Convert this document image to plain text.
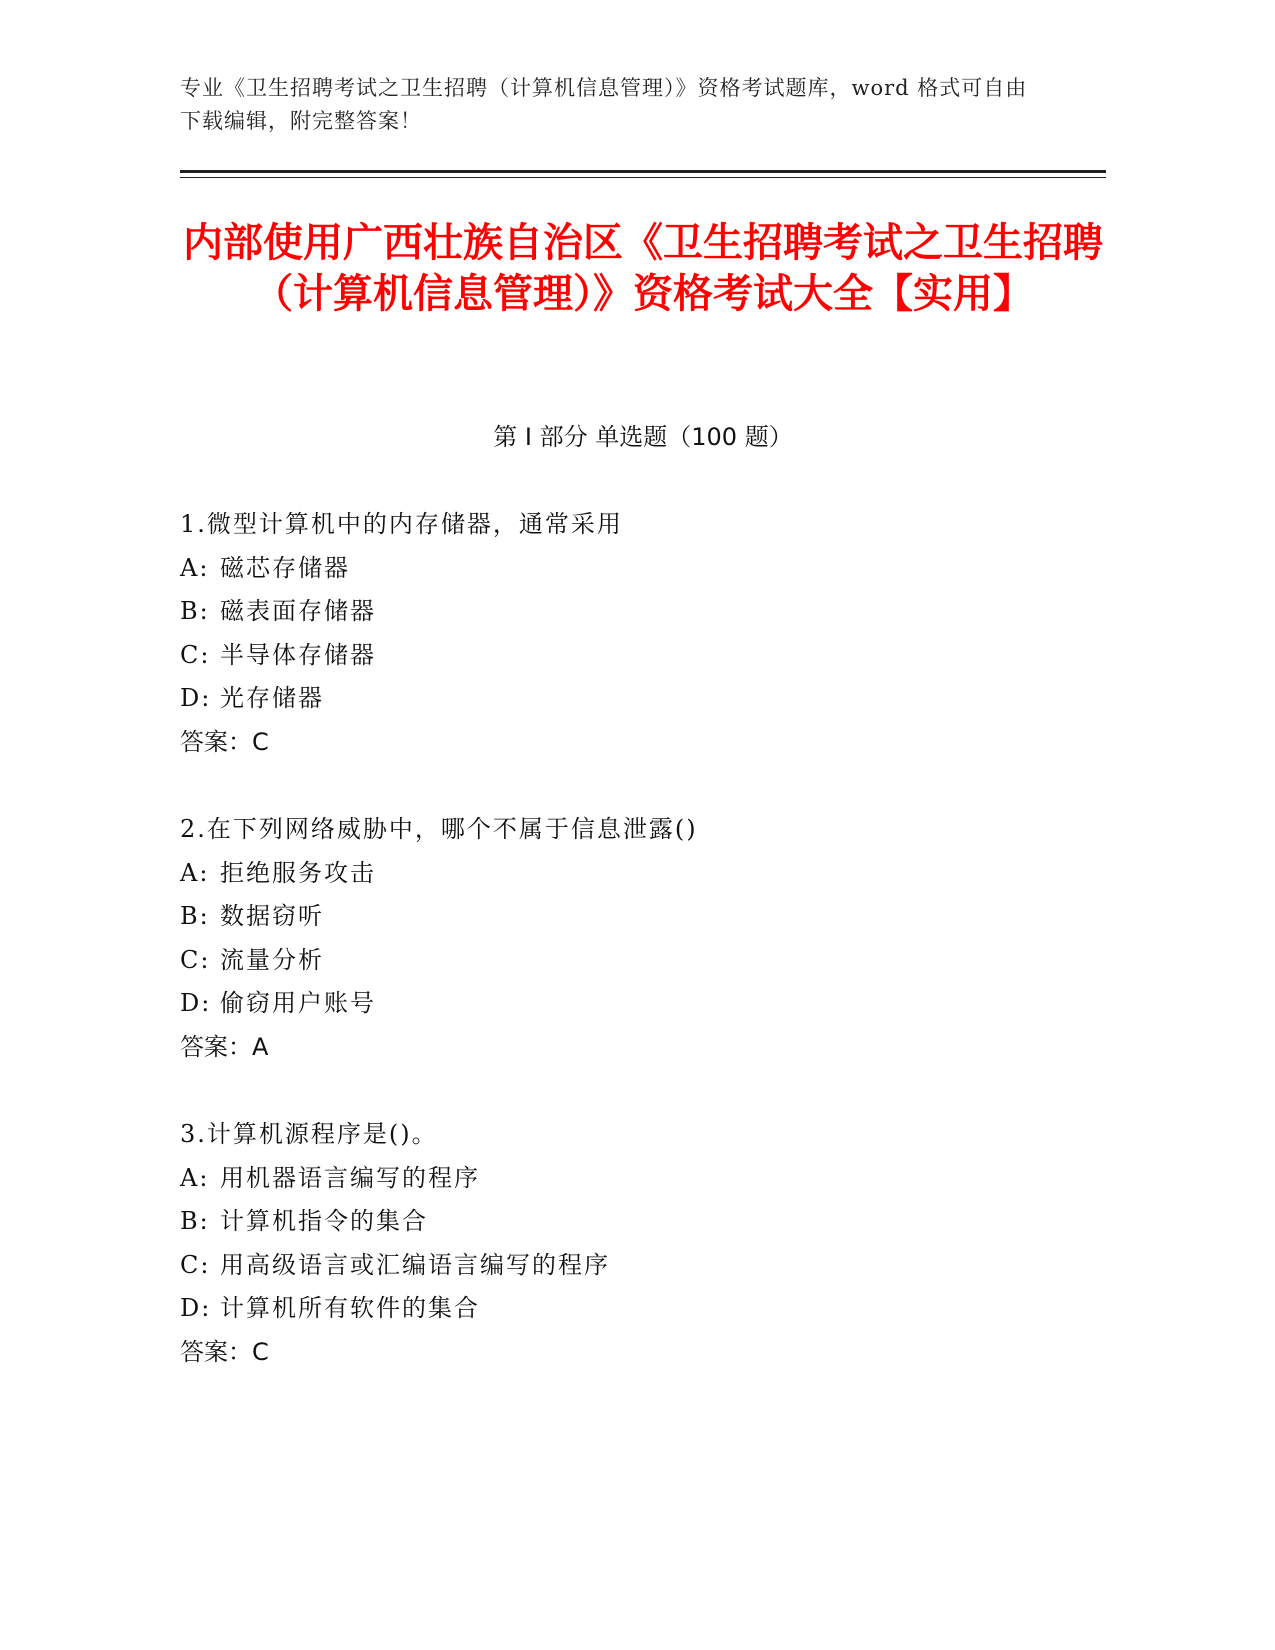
专业《卫生招聘考试之卫生招聘（计算机信息管理）》资格考试题库，word 格式可自由下载编辑，附完整答案！
内部使用广西壮族自治区《卫生招聘考试之卫生招聘（计算机信息管理）》资格考试大全【实用】
第 I 部分 单选题（100 题）
1.微型计算机中的内存储器，通常采用
A: 磁芯存储器
B: 磁表面存储器
C: 半导体存储器
D: 光存储器
答案：C
2.在下列网络威胁中，哪个不属于信息泄露()
A: 拒绝服务攻击
B: 数据窃听
C: 流量分析
D: 偷窃用户账号
答案：A
3.计算机源程序是()。
A: 用机器语言编写的程序
B: 计算机指令的集合
C: 用高级语言或汇编语言编写的程序
D: 计算机所有软件的集合
答案：C
